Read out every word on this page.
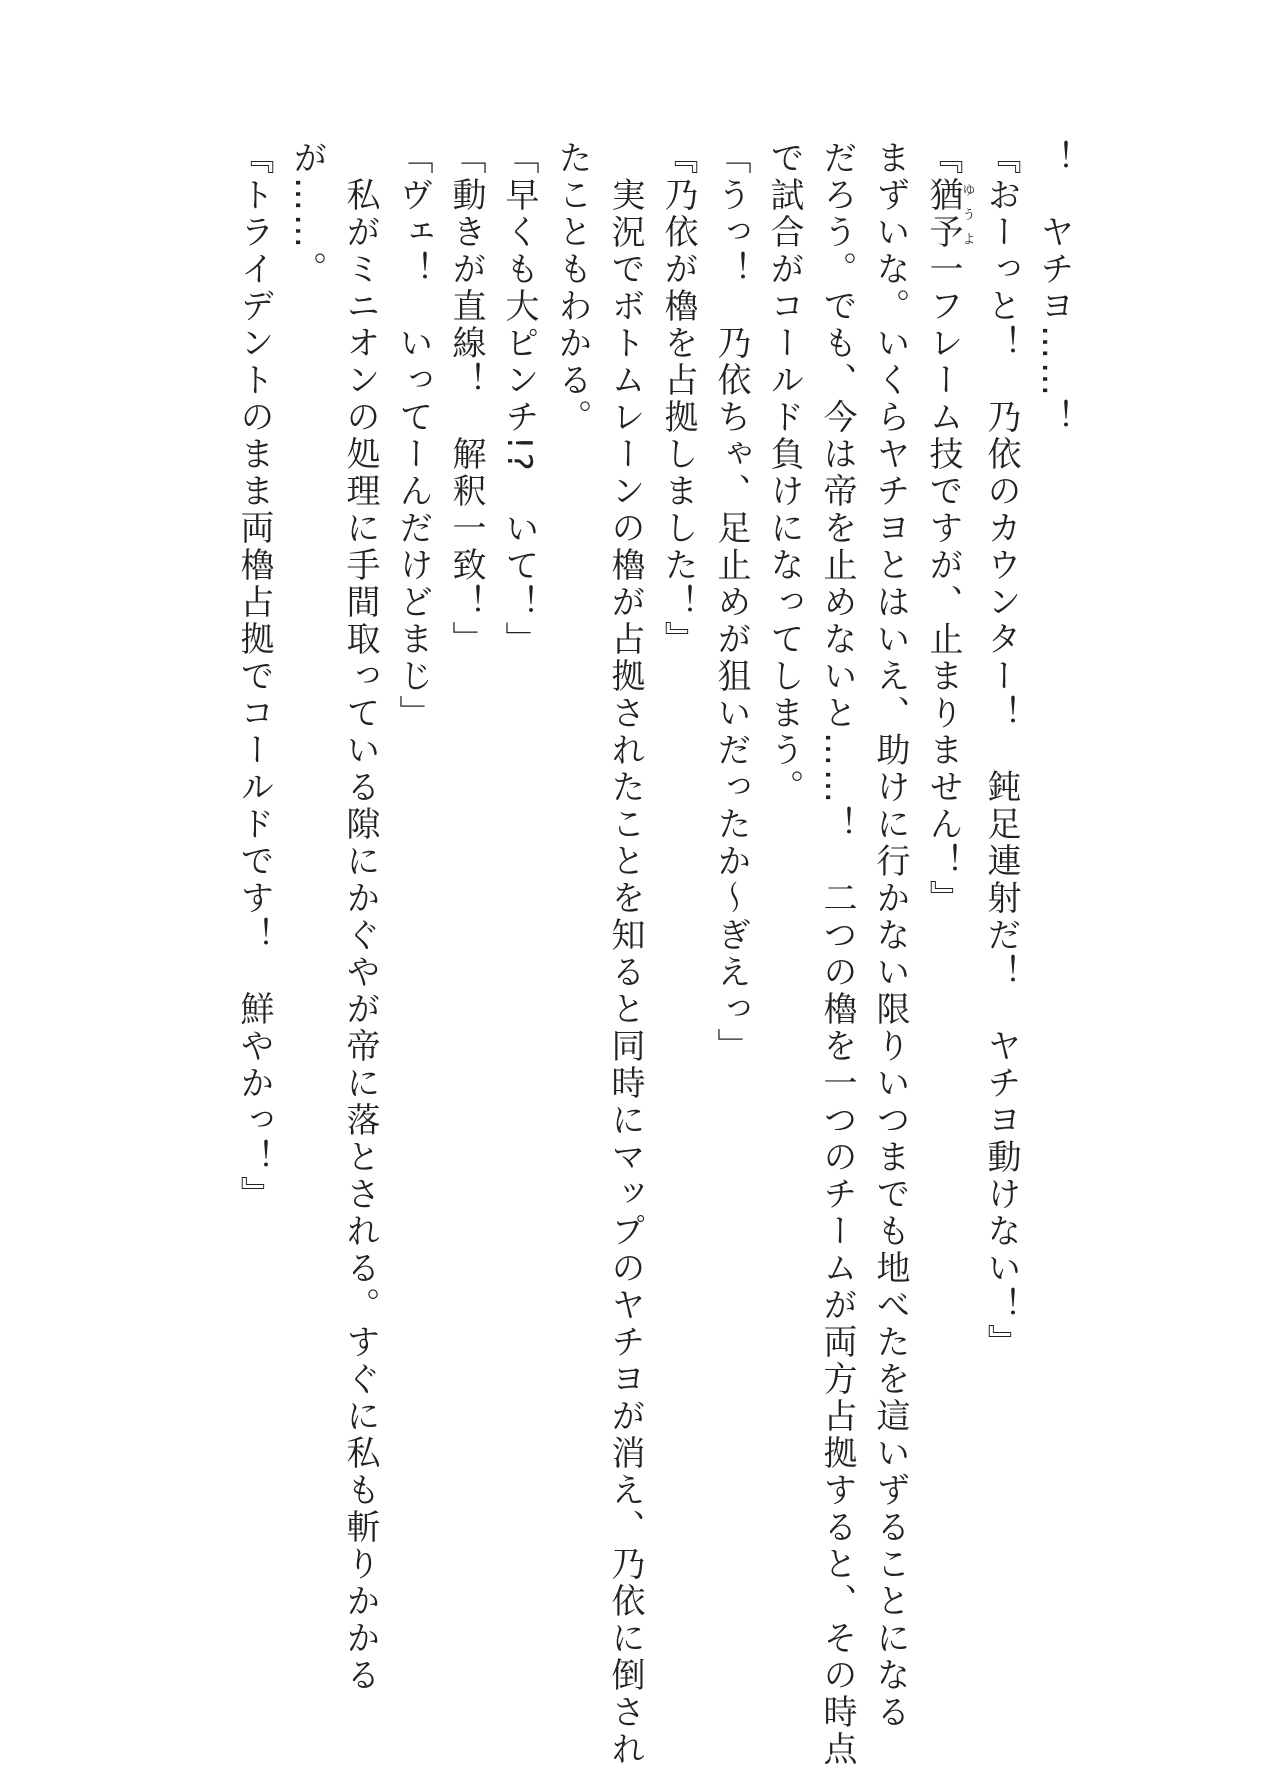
！　ヤチヨ……！
『おーっと！　乃依のカウンター！　鈍足連射だ！　ヤチヨ動けない！』
『猶予ゆうよ一フレーム技ですが、止まりません！』
まずいな。いくらヤチヨとはいえ、助けに行かない限りいつまでも地べたを這いずることになる
だろう。でも、今は帝を止めないと……！　二つの櫓を一つのチームが両方占拠すると、その時点
で試合がコールド負けになってしまう。
「うっ！　乃依ちゃ、足止めが狙いだったか～ぎえっ」
『乃依が櫓を占拠しました！』
　実況でボトムレーンの櫓が占拠されたことを知ると同時にマップのヤチヨが消え、乃依に倒され
たこともわかる。
「早くも大ピンチ!?　いて！」
「動きが直線！　解釈一致！」
「ヴェ！　いってーんだけどまじ」
　私がミニオンの処理に手間取っている隙にかぐやが帝に落とされる。すぐに私も斬りかかる
が……。
『トライデントのまま両櫓占拠でコールドです！　鮮やかっ！』
